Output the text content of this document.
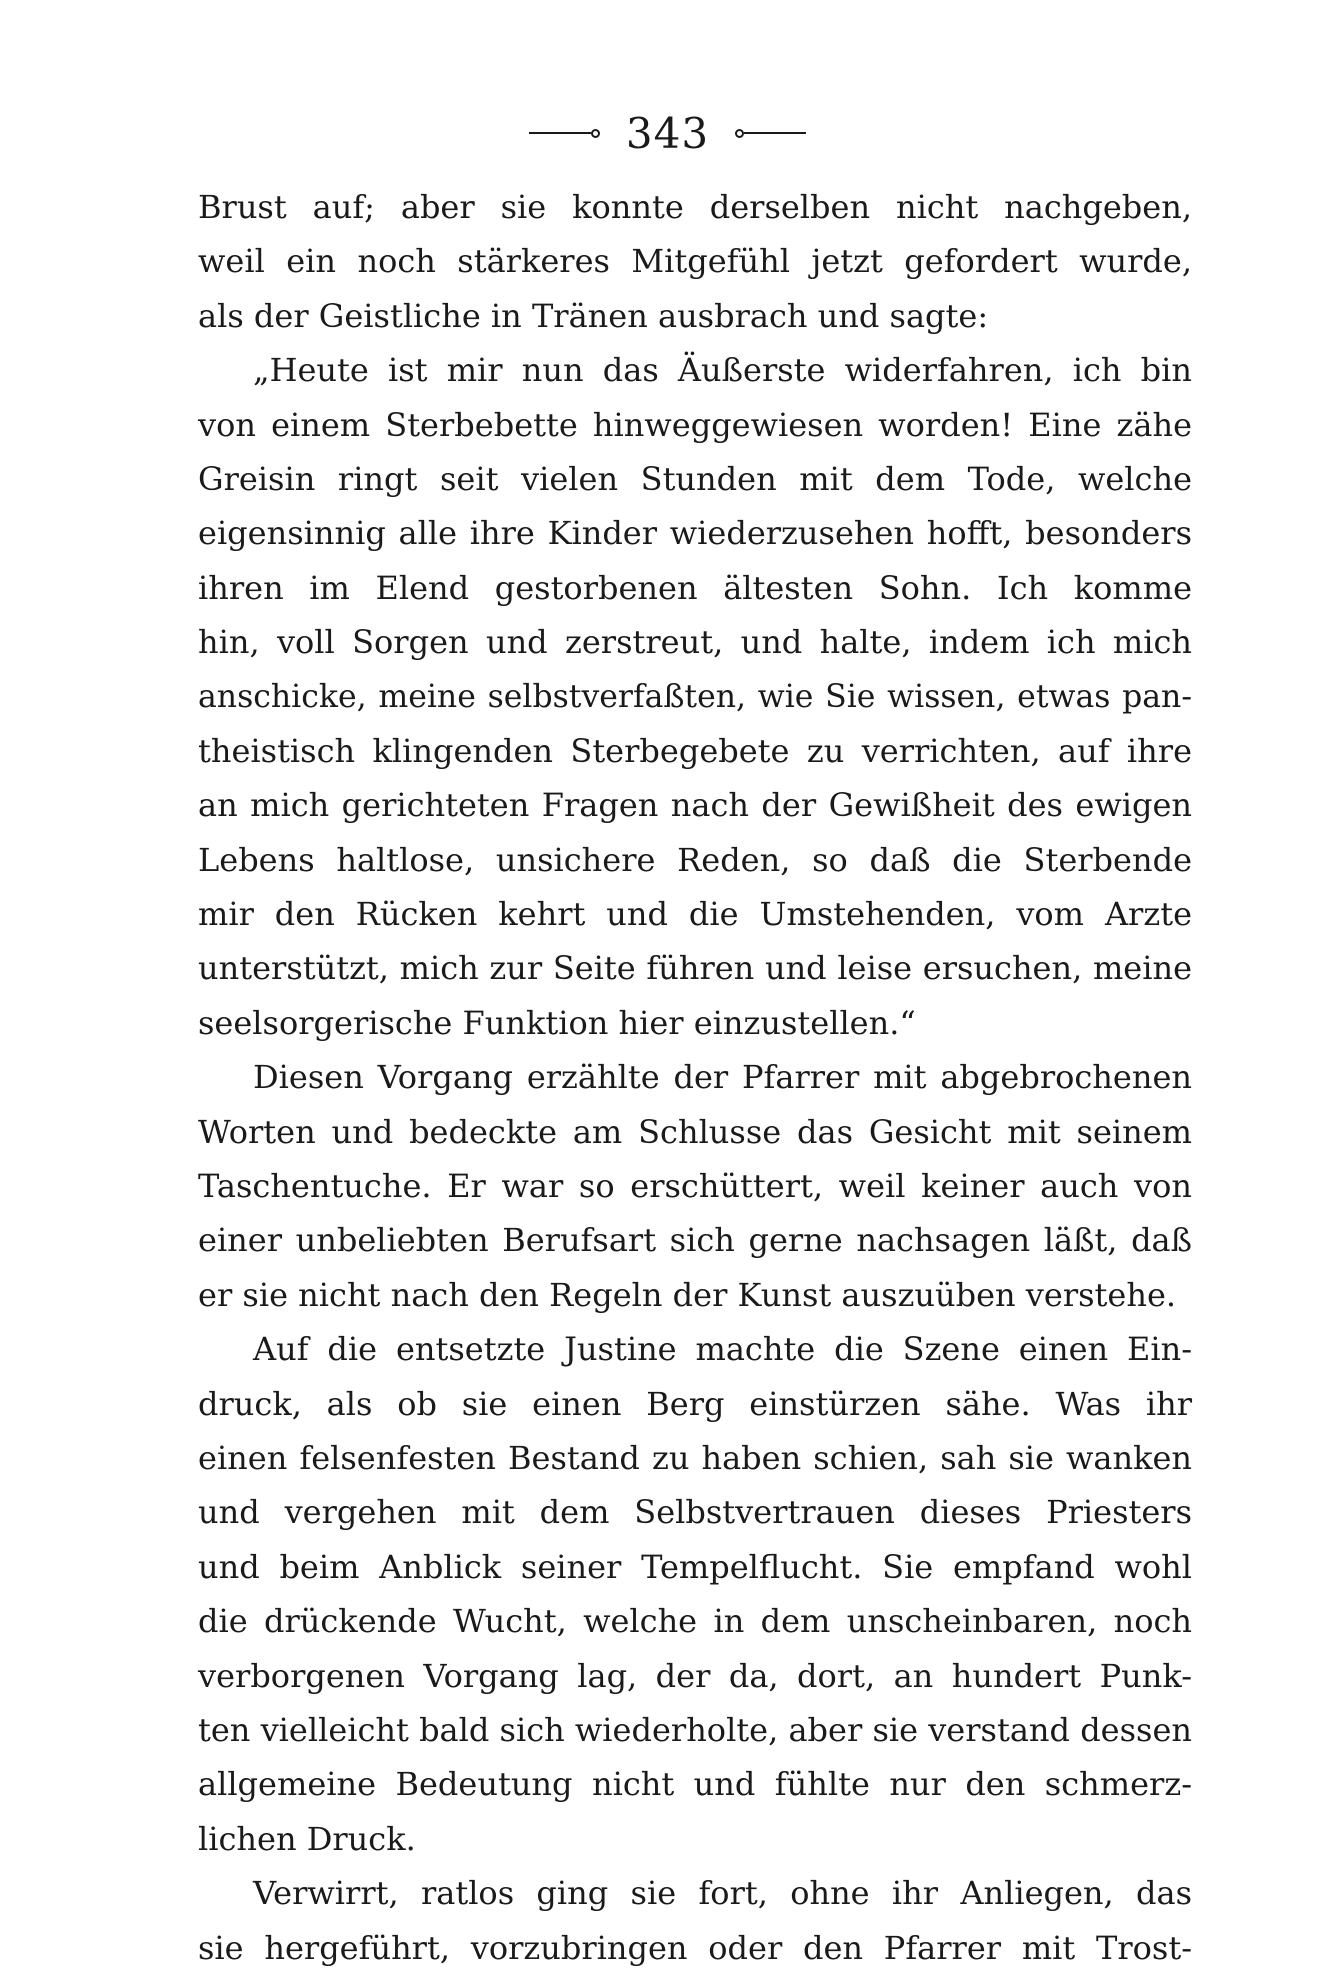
343
Brust auf; aber sie konnte derselben nicht nachgeben,
weil ein noch stärkeres Mitgefühl jetzt gefordert wurde,
als der Geistliche in Tränen ausbrach und sagte:
„Heute ist mir nun das Äußerste widerfahren, ich bin
von einem Sterbebette hinweggewiesen worden! Eine zähe
Greisin ringt seit vielen Stunden mit dem Tode, welche
eigensinnig alle ihre Kinder wiederzusehen hofft, besonders
ihren im Elend gestorbenen ältesten Sohn. Ich komme
hin, voll Sorgen und zerstreut, und halte, indem ich mich
anschicke, meine selbstverfaßten, wie Sie wissen, etwas pan-
theistisch klingenden Sterbegebete zu verrichten, auf ihre
an mich gerichteten Fragen nach der Gewißheit des ewigen
Lebens haltlose, unsichere Reden, so daß die Sterbende
mir den Rücken kehrt und die Umstehenden, vom Arzte
unterstützt, mich zur Seite führen und leise ersuchen, meine
seelsorgerische Funktion hier einzustellen.“
Diesen Vorgang erzählte der Pfarrer mit abgebrochenen
Worten und bedeckte am Schlusse das Gesicht mit seinem
Taschentuche. Er war so erschüttert, weil keiner auch von
einer unbeliebten Berufsart sich gerne nachsagen läßt, daß
er sie nicht nach den Regeln der Kunst auszuüben verstehe.
Auf die entsetzte Justine machte die Szene einen Ein-
druck, als ob sie einen Berg einstürzen sähe. Was ihr
einen felsenfesten Bestand zu haben schien, sah sie wanken
und vergehen mit dem Selbstvertrauen dieses Priesters
und beim Anblick seiner Tempelflucht. Sie empfand wohl
die drückende Wucht, welche in dem unscheinbaren, noch
verborgenen Vorgang lag, der da, dort, an hundert Punk-
ten vielleicht bald sich wiederholte, aber sie verstand dessen
allgemeine Bedeutung nicht und fühlte nur den schmerz-
lichen Druck.
Verwirrt, ratlos ging sie fort, ohne ihr Anliegen, das
sie hergeführt, vorzubringen oder den Pfarrer mit Trost-
